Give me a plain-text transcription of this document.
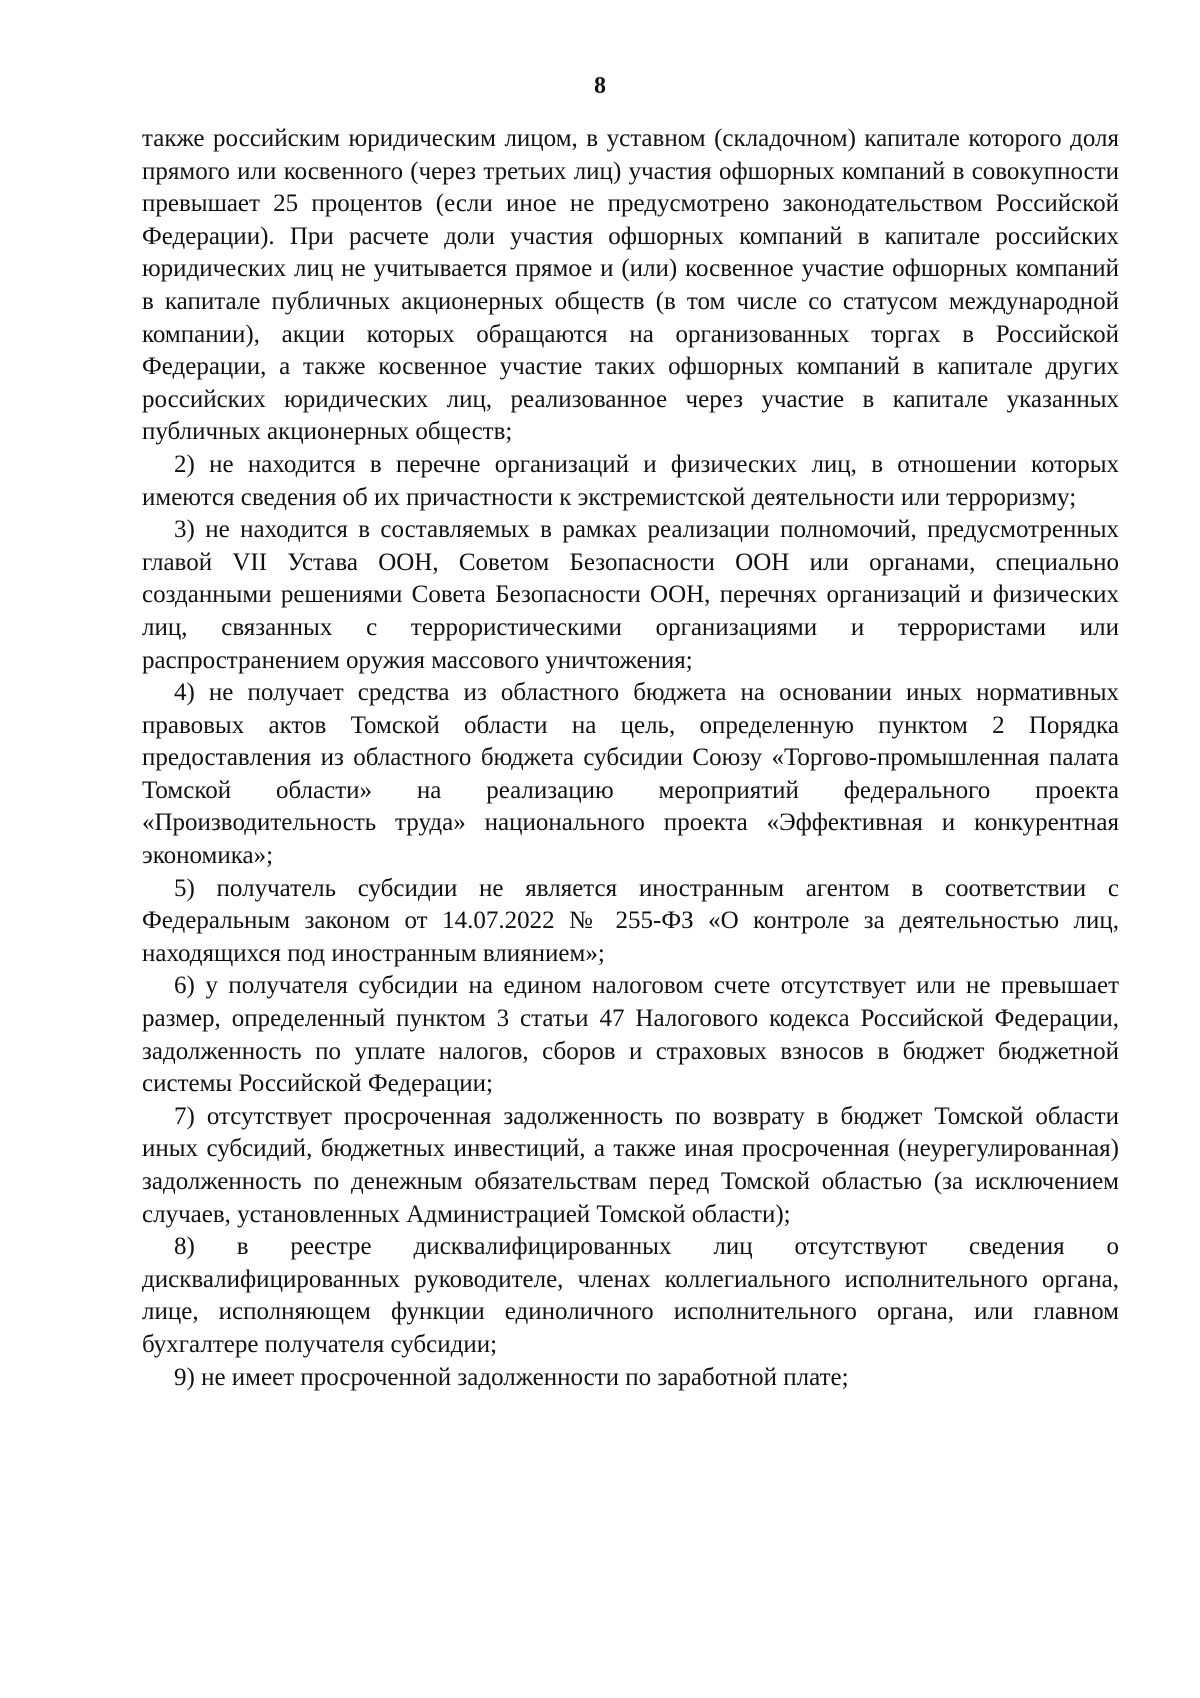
8

также российским юридическим лицом, в уставном (складочном) капитале которого доля прямого или косвенного (через третьих лиц) участия офшорных компаний в совокупности превышает 25 процентов (если иное не предусмотрено законодательством Российской Федерации). При расчете доли участия офшорных компаний в капитале российских юридических лиц не учитывается прямое и (или) косвенное участие офшорных компаний в капитале публичных акционерных обществ (в том числе со статусом международной компании), акции которых обращаются на организованных торгах в Российской Федерации, а также косвенное участие таких офшорных компаний в капитале других российских юридических лиц, реализованное через участие в капитале указанных публичных акционерных обществ;

2) не находится в перечне организаций и физических лиц, в отношении которых имеются сведения об их причастности к экстремистской деятельности или терроризму;

3) не находится в составляемых в рамках реализации полномочий, предусмотренных главой VII Устава ООН, Советом Безопасности ООН или органами, специально созданными решениями Совета Безопасности ООН, перечнях организаций и физических лиц, связанных с террористическими организациями и террористами или распространением оружия массового уничтожения;

4) не получает средства из областного бюджета на основании иных нормативных правовых актов Томской области на цель, определенную пунктом 2 Порядка предоставления из областного бюджета субсидии Союзу «Торгово-промышленная палата Томской области» на реализацию мероприятий федерального проекта «Производительность труда» национального проекта «Эффективная и конкурентная экономика»;

5) получатель субсидии не является иностранным агентом в соответствии с Федеральным законом от 14.07.2022 № 255-ФЗ «О контроле за деятельностью лиц, находящихся под иностранным влиянием»;

6) у получателя субсидии на едином налоговом счете отсутствует или не превышает размер, определенный пунктом 3 статьи 47 Налогового кодекса Российской Федерации, задолженность по уплате налогов, сборов и страховых взносов в бюджет бюджетной системы Российской Федерации;

7) отсутствует просроченная задолженность по возврату в бюджет Томской области иных субсидий, бюджетных инвестиций, а также иная просроченная (неурегулированная) задолженность по денежным обязательствам перед Томской областью (за исключением случаев, установленных Администрацией Томской области);

8) в реестре дисквалифицированных лиц отсутствуют сведения о дисквалифицированных руководителе, членах коллегиального исполнительного органа, лице, исполняющем функции единоличного исполнительного органа, или главном бухгалтере получателя субсидии;

9) не имеет просроченной задолженности по заработной плате;
